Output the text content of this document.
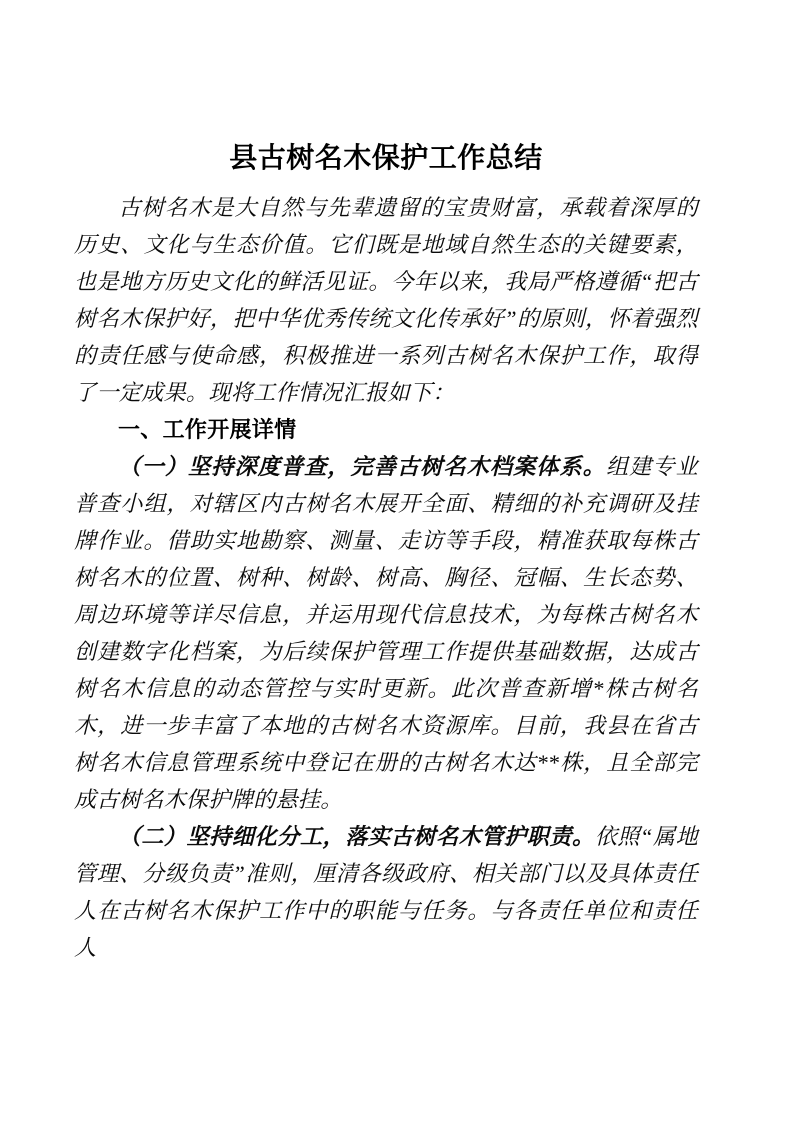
县古树名木保护工作总结

古树名木是大自然与先辈遗留的宝贵财富，承载着深厚的历史、文化与生态价值。它们既是地域自然生态的关键要素，也是地方历史文化的鲜活见证。今年以来，我局严格遵循“把古树名木保护好，把中华优秀传统文化传承好”的原则，怀着强烈的责任感与使命感，积极推进一系列古树名木保护工作，取得了一定成果。现将工作情况汇报如下：

一、工作开展详情

（一）坚持深度普查，完善古树名木档案体系。组建专业普查小组，对辖区内古树名木展开全面、精细的补充调研及挂牌作业。借助实地勘察、测量、走访等手段，精准获取每株古树名木的位置、树种、树龄、树高、胸径、冠幅、生长态势、周边环境等详尽信息，并运用现代信息技术，为每株古树名木创建数字化档案，为后续保护管理工作提供基础数据，达成古树名木信息的动态管控与实时更新。此次普查新增*株古树名木，进一步丰富了本地的古树名木资源库。目前，我县在省古树名木信息管理系统中登记在册的古树名木达**株，且全部完成古树名木保护牌的悬挂。

（二）坚持细化分工，落实古树名木管护职责。依照“属地管理、分级负责”准则，厘清各级政府、相关部门以及具体责任人在古树名木保护工作中的职能与任务。与各责任单位和责任人
